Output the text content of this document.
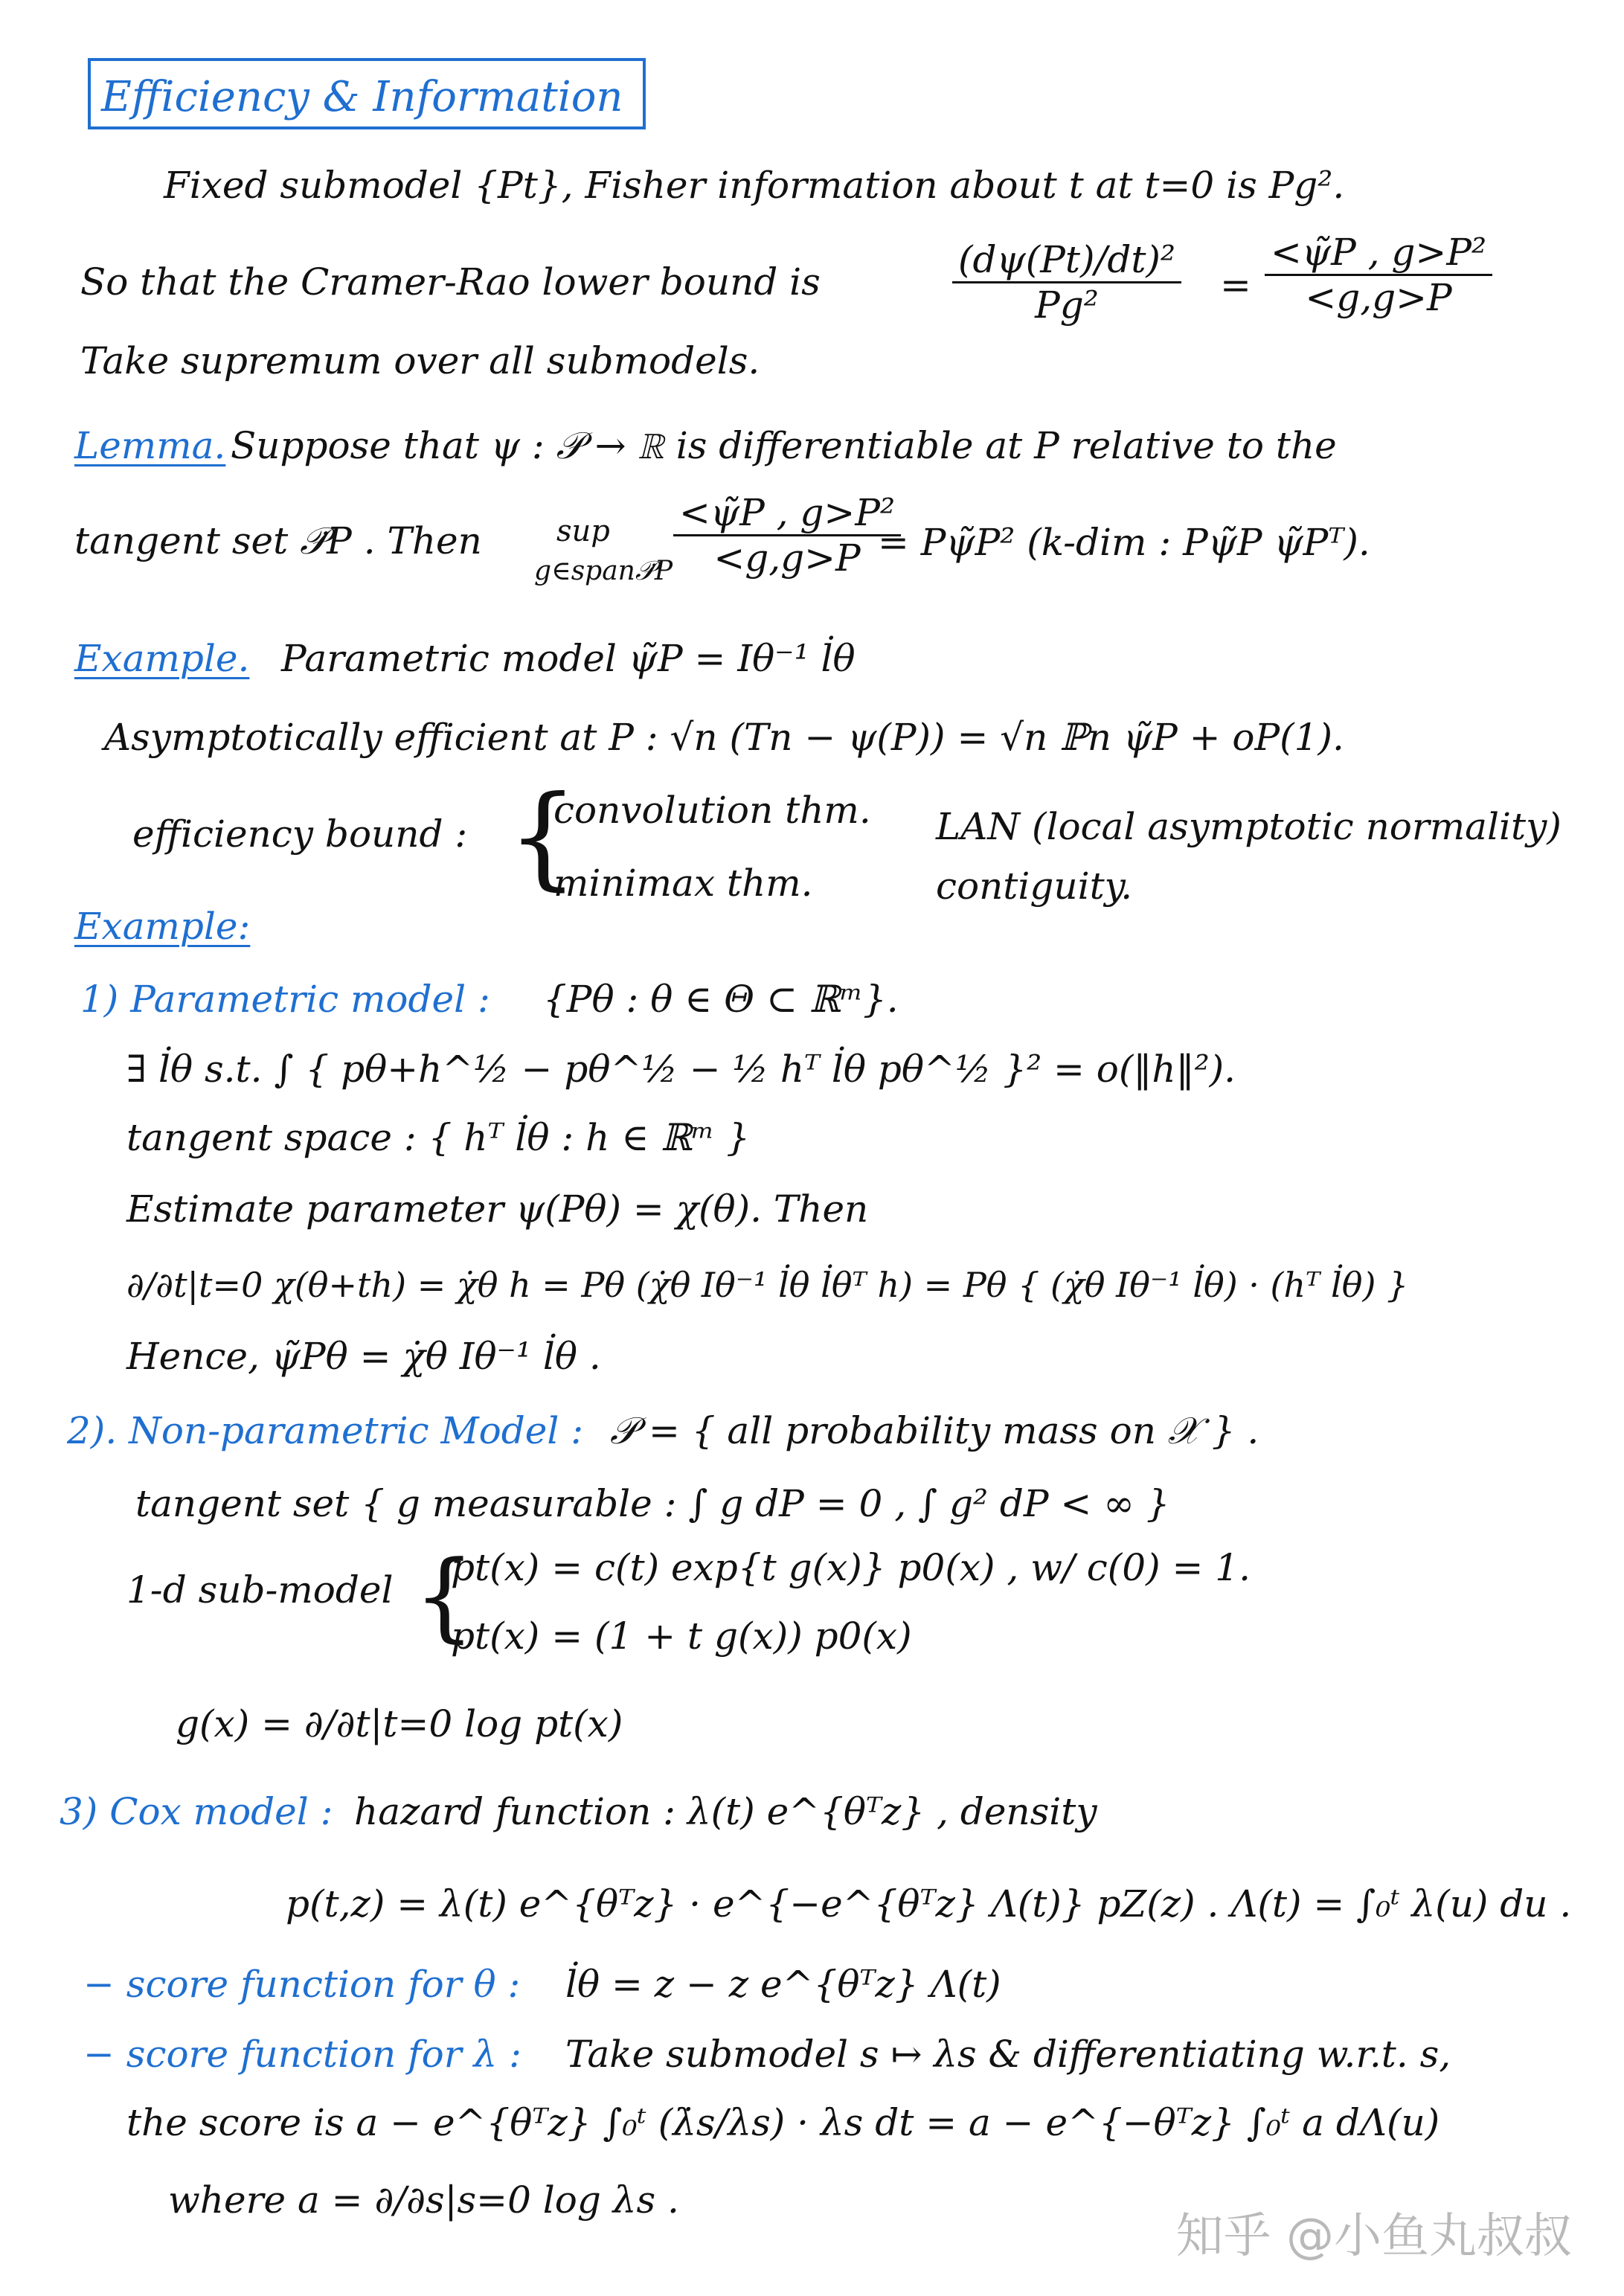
Efficiency & Information
Fixed submodel {Pt}, Fisher information about t at t=0 is Pg².
So that the Cramer-Rao lower bound is
(dψ(Pt)/dt)²
Pg²	=
<ψ̃P , g>P²
<g,g>P
Take supremum over all submodels.
Lemma. Suppose that ψ : 𝒫 → ℝ is differentiable at P relative to the
tangent set 𝒫̇P . Then	sup
g∈span𝒫̇P
<ψ̃P , g>P²
<g,g>P = Pψ̃P² (k-dim : Pψ̃P ψ̃Pᵀ).
Example. Parametric model ψ̃P = Iθ⁻¹ l̇θ
Asymptotically efficient at P : √n (Tn − ψ(P)) = √n ℙn ψ̃P + oP(1).
efficiency bound : {
convolution thm.
minimax thm.
LAN (local asymptotic normality)
contiguity.
Example:
1) Parametric model : {Pθ : θ ∈ Θ ⊂ ℝᵐ}.
∃ l̇θ s.t. ∫ { pθ+h^½ − pθ^½ − ½ hᵀ l̇θ pθ^½ }² = o(‖h‖²).
tangent space : { hᵀ l̇θ : h ∈ ℝᵐ }
Estimate parameter ψ(Pθ) = χ(θ). Then
∂/∂t|t=0 χ(θ+th) = χ̇θ h = Pθ (χ̇θ Iθ⁻¹ l̇θ l̇θᵀ h) = Pθ { (χ̇θ Iθ⁻¹ l̇θ) · (hᵀ l̇θ) }
Hence, ψ̃Pθ = χ̇θ Iθ⁻¹ l̇θ .
2). Non-parametric Model : 𝒫 = { all probability mass on 𝒳 } .
tangent set { g measurable : ∫ g dP = 0 , ∫ g² dP < ∞ }
1-d sub-model {
pt(x) = c(t) exp{t g(x)} p0(x) , w/ c(0) = 1.
pt(x) = (1 + t g(x)) p0(x)
g(x) = ∂/∂t|t=0 log pt(x)
3) Cox model : hazard function : λ(t) e^{θᵀz} , density
p(t,z) = λ(t) e^{θᵀz} · e^{−e^{θᵀz} Λ(t)} pZ(z) . Λ(t) = ∫₀ᵗ λ(u) du .
− score function for θ : l̇θ = z − z e^{θᵀz} Λ(t)
− score function for λ : Take submodel s ↦ λs & differentiating w.r.t. s,
the score is a − e^{θᵀz} ∫₀ᵗ (λ̇s/λs) · λs dt = a − e^{−θᵀz} ∫₀ᵗ a dΛ(u)
where a = ∂/∂s|s=0 log λs .
知乎 @小鱼丸叔叔
